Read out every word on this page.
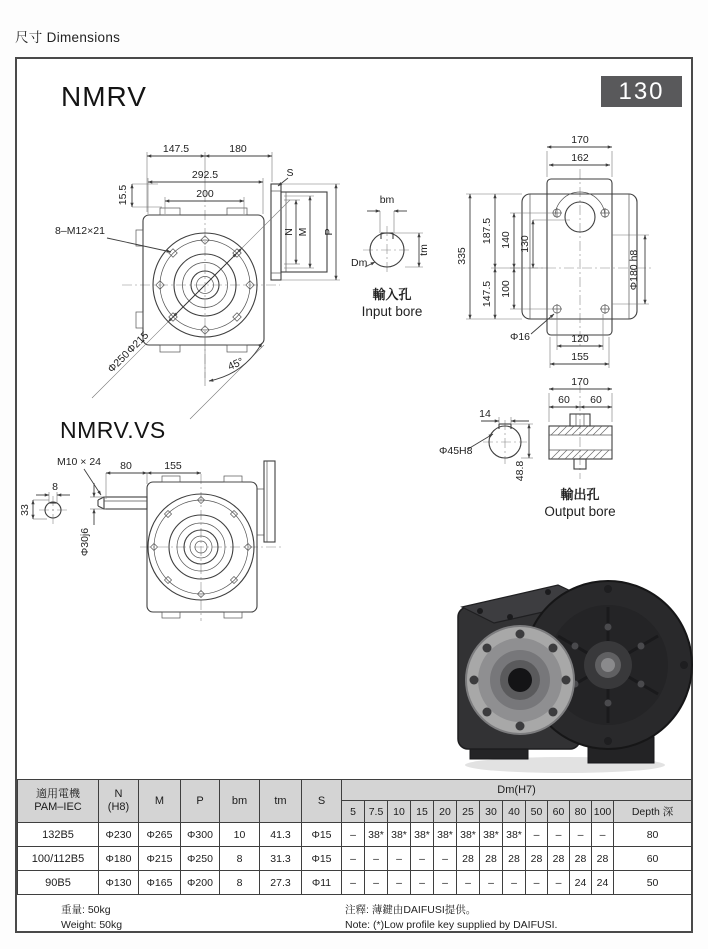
尺寸 Dimensions
NMRV	130
147.5	180
292.5
200
15.5
8–M12×21
Φ215
Φ250	45°
S
N M P
bm
tm
Dm
輸入孔
Input bore
170
162
335
187.5
147.5
140
100
130
Φ180 h8
Φ16	120
155
14
Φ45H8
48.8
170
60 60
輸出孔
Output bore
NMRV.VS
M10 × 24 80	155
8
33
Φ30j6
適用電機
PAM–IEC	N
(H8)	M	P	bm	tm	S	Dm(H7)												
							5	7.5	10	15	20	25	30	40	50	60	80	100	Depth 深
132B5	Φ230	Φ265	Φ300	10	41.3	Φ15	–	38*	38*	38*	38*	38*	38*	38*	–	–	–	–	80
100/112B5	Φ180	Φ215	Φ250	8	31.3	Φ15	–	–	–	–	–	28	28	28	28	28	28	28	60
90B5	Φ130	Φ165	Φ200	8	27.3	Φ11	–	–	–	–	–	–	–	–	–	–	24	24	50
重量: 50kg
Weight: 50kg
注釋: 薄鍵由DAIFUSI提供。
Note: (*)Low profile key supplied by DAIFUSI.
